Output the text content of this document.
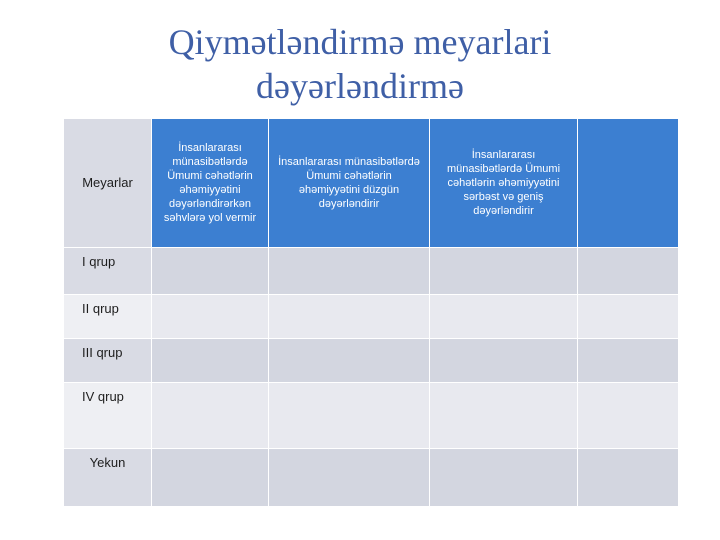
Qiymətləndirmə meyarlari
dəyərləndirmə
Meyarlar	İnsanlararası münasibətlərdə Ümumi cəhətlərin əhəmiyyətini dəyərləndirərkən səhvlərə yol vermir	İnsanlararası münasibətlərdə Ümumi cəhətlərin əhəmiyyətini düzgün dəyərləndirir	İnsanlararası münasibətlərdə Ümumi cəhətlərin əhəmiyyətini sərbəst və geniş dəyərləndirir	
I qrup				
II qrup				
III qrup				
IV qrup				
Yekun				
